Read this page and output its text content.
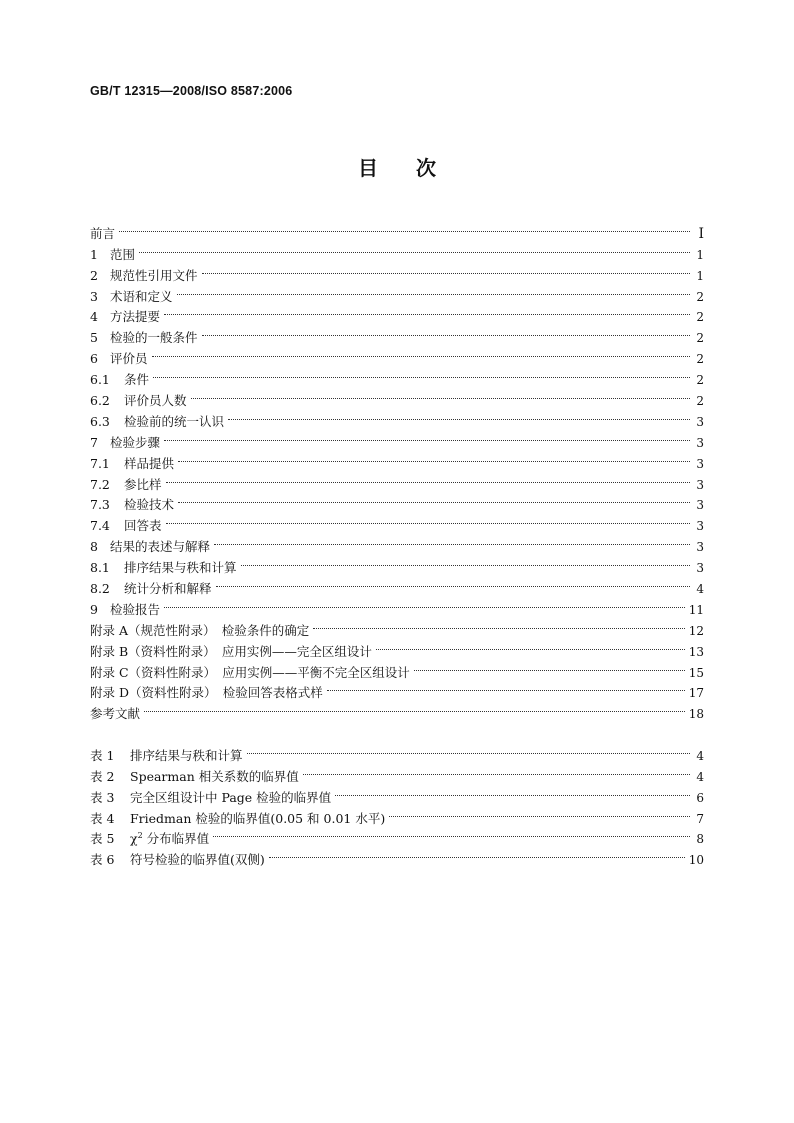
GB/T 12315—2008/ISO 8587:2006
目次
前言	Ⅰ
1 范围	1
2 规范性引用文件	1
3 术语和定义	2
4 方法提要	2
5 检验的一般条件	2
6 评价员	2
6.1	条件	2
6.2	评价员人数	2
6.3	检验前的统一认识	3
7 检验步骤	3
7.1	样品提供	3
7.2	参比样	3
7.3	检验技术	3
7.4	回答表	3
8 结果的表述与解释	3
8.1	排序结果与秩和计算	3
8.2	统计分析和解释	4
9 检验报告	11
附录 A（规范性附录）　检验条件的确定	12
附录 B（资料性附录）　应用实例——完全区组设计	13
附录 C（资料性附录）　应用实例——平衡不完全区组设计	15
附录 D（资料性附录）　检验回答表格式样	17
参考文献	18
表 1	排序结果与秩和计算	4
表 2	Spearman 相关系数的临界值	4
表 3	完全区组设计中 Page 检验的临界值	6
表 4	Friedman 检验的临界值(0.05 和 0.01 水平)	7
表 5	$\chi^2$ 分布临界值	8
表 6	符号检验的临界值(双侧)	10
